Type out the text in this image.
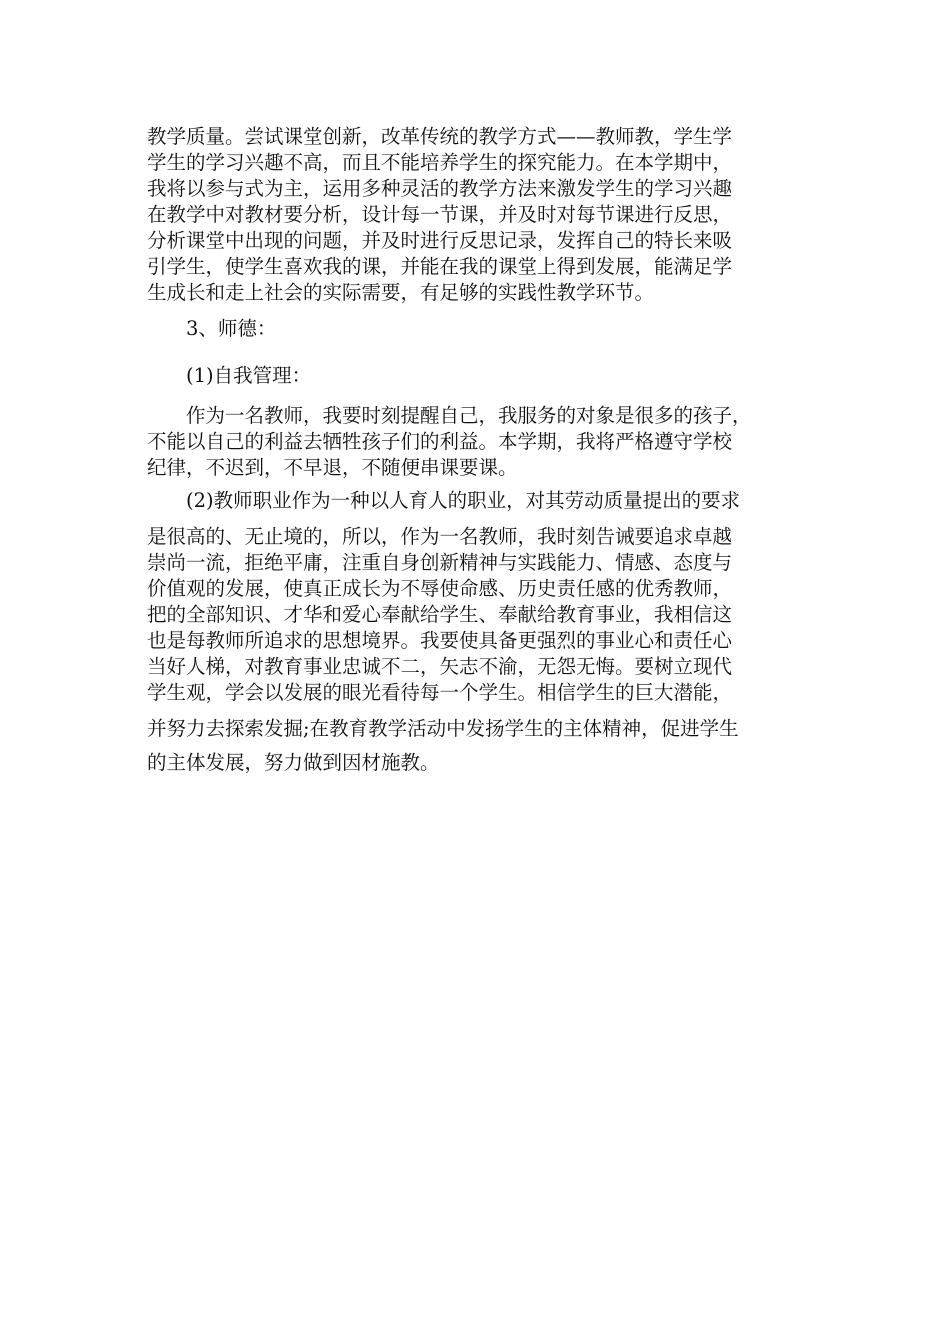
教学质量。尝试课堂创新，改革传统的教学方式——教师教，学生学
学生的学习兴趣不高，而且不能培养学生的探究能力。在本学期中，
我将以参与式为主，运用多种灵活的教学方法来激发学生的学习兴趣
在教学中对教材要分析，设计每一节课，并及时对每节课进行反思，
分析课堂中出现的问题，并及时进行反思记录，发挥自己的特长来吸
引学生，使学生喜欢我的课，并能在我的课堂上得到发展，能满足学
生成长和走上社会的实际需要，有足够的实践性教学环节。
3、师德：
(1)自我管理：
作为一名教师，我要时刻提醒自己，我服务的对象是很多的孩子，
不能以自己的利益去牺牲孩子们的利益。本学期，我将严格遵守学校
纪律，不迟到，不早退，不随便串课要课。
(2)教师职业作为一种以人育人的职业，对其劳动质量提出的要求
是很高的、无止境的，所以，作为一名教师，我时刻告诫要追求卓越
崇尚一流，拒绝平庸，注重自身创新精神与实践能力、情感、态度与
价值观的发展，使真正成长为不辱使命感、历史责任感的优秀教师，
把的全部知识、才华和爱心奉献给学生、奉献给教育事业，我相信这
也是每教师所追求的思想境界。我要使具备更强烈的事业心和责任心
当好人梯，对教育事业忠诚不二，矢志不渝，无怨无悔。要树立现代
学生观，学会以发展的眼光看待每一个学生。相信学生的巨大潜能，
并努力去探索发掘;在教育教学活动中发扬学生的主体精神，促进学生
的主体发展，努力做到因材施教。
